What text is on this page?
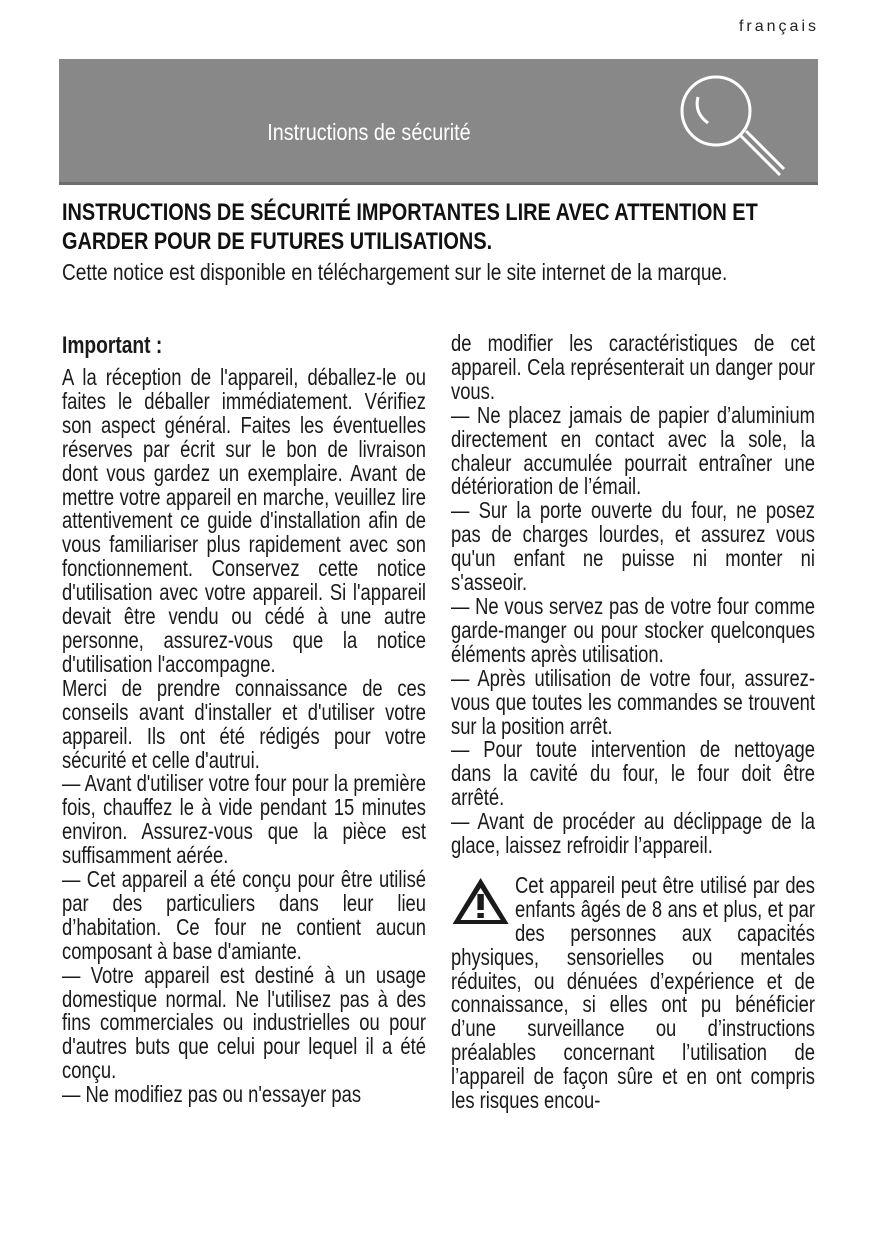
français
Instructions de sécurité
INSTRUCTIONS DE SÉCURITÉ IMPORTANTES LIRE AVEC ATTENTION ET GARDER POUR DE FUTURES UTILISATIONS.
Cette notice est disponible en téléchargement sur le site internet de la marque.

Important :

A la réception de l'appareil, déballez-le ou faites le déballer immédiatement. Vérifiez son aspect général. Faites les éventuelles réserves par écrit sur le bon de livraison dont vous gardez un exemplaire. Avant de mettre votre appareil en marche, veuillez lire attentivement ce guide d'installation afin de vous familiariser plus rapidement avec son fonctionnement. Conservez cette notice d'utilisation avec votre appareil. Si l'appareil devait être vendu ou cédé à une autre personne, assurez-vous que la notice d'utilisation l'accompagne.

Merci de prendre connaissance de ces conseils avant d'installer et d'utiliser votre appareil. Ils ont été rédigés pour votre sécurité et celle d'autrui.

— Avant d'utiliser votre four pour la première fois, chauffez le à vide pendant 15 minutes environ. Assurez-vous que la pièce est suffisamment aérée.

— Cet appareil a été conçu pour être utilisé par des particuliers dans leur lieu d’habitation. Ce four ne contient aucun composant à base d'amiante.

— Votre appareil est destiné à un usage domestique normal. Ne l'utilisez pas à des fins commerciales ou industrielles ou pour d'autres buts que celui pour lequel il a été conçu.

— Ne modifiez pas ou n'essayer pas

de modifier les caractéristiques de cet appareil. Cela représenterait un danger pour vous.

— Ne placez jamais de papier d’aluminium directement en contact avec la sole, la chaleur accumulée pourrait entraîner une détérioration de l’émail.

— Sur la porte ouverte du four, ne posez pas de charges lourdes, et assurez vous qu'un enfant ne puisse ni monter ni s'asseoir.

— Ne vous servez pas de votre four comme garde-manger ou pour stocker quelconques éléments après utilisation.

— Après utilisation de votre four, assurez-vous que toutes les commandes se trouvent sur la position arrêt.

— Pour toute intervention de nettoyage dans la cavité du four, le four doit être arrêté.

— Avant de procéder au déclippage de la glace, laissez refroidir l’appareil.

Cet appareil peut être utilisé par des enfants âgés de 8 ans et plus, et par des personnes aux capacités physiques, sensorielles ou mentales réduites, ou dénuées d’expérience et de connaissance, si elles ont pu bénéficier d’une surveillance ou d’instructions préalables concernant l’utilisation de l’appareil de façon sûre et en ont compris les risques encou-
